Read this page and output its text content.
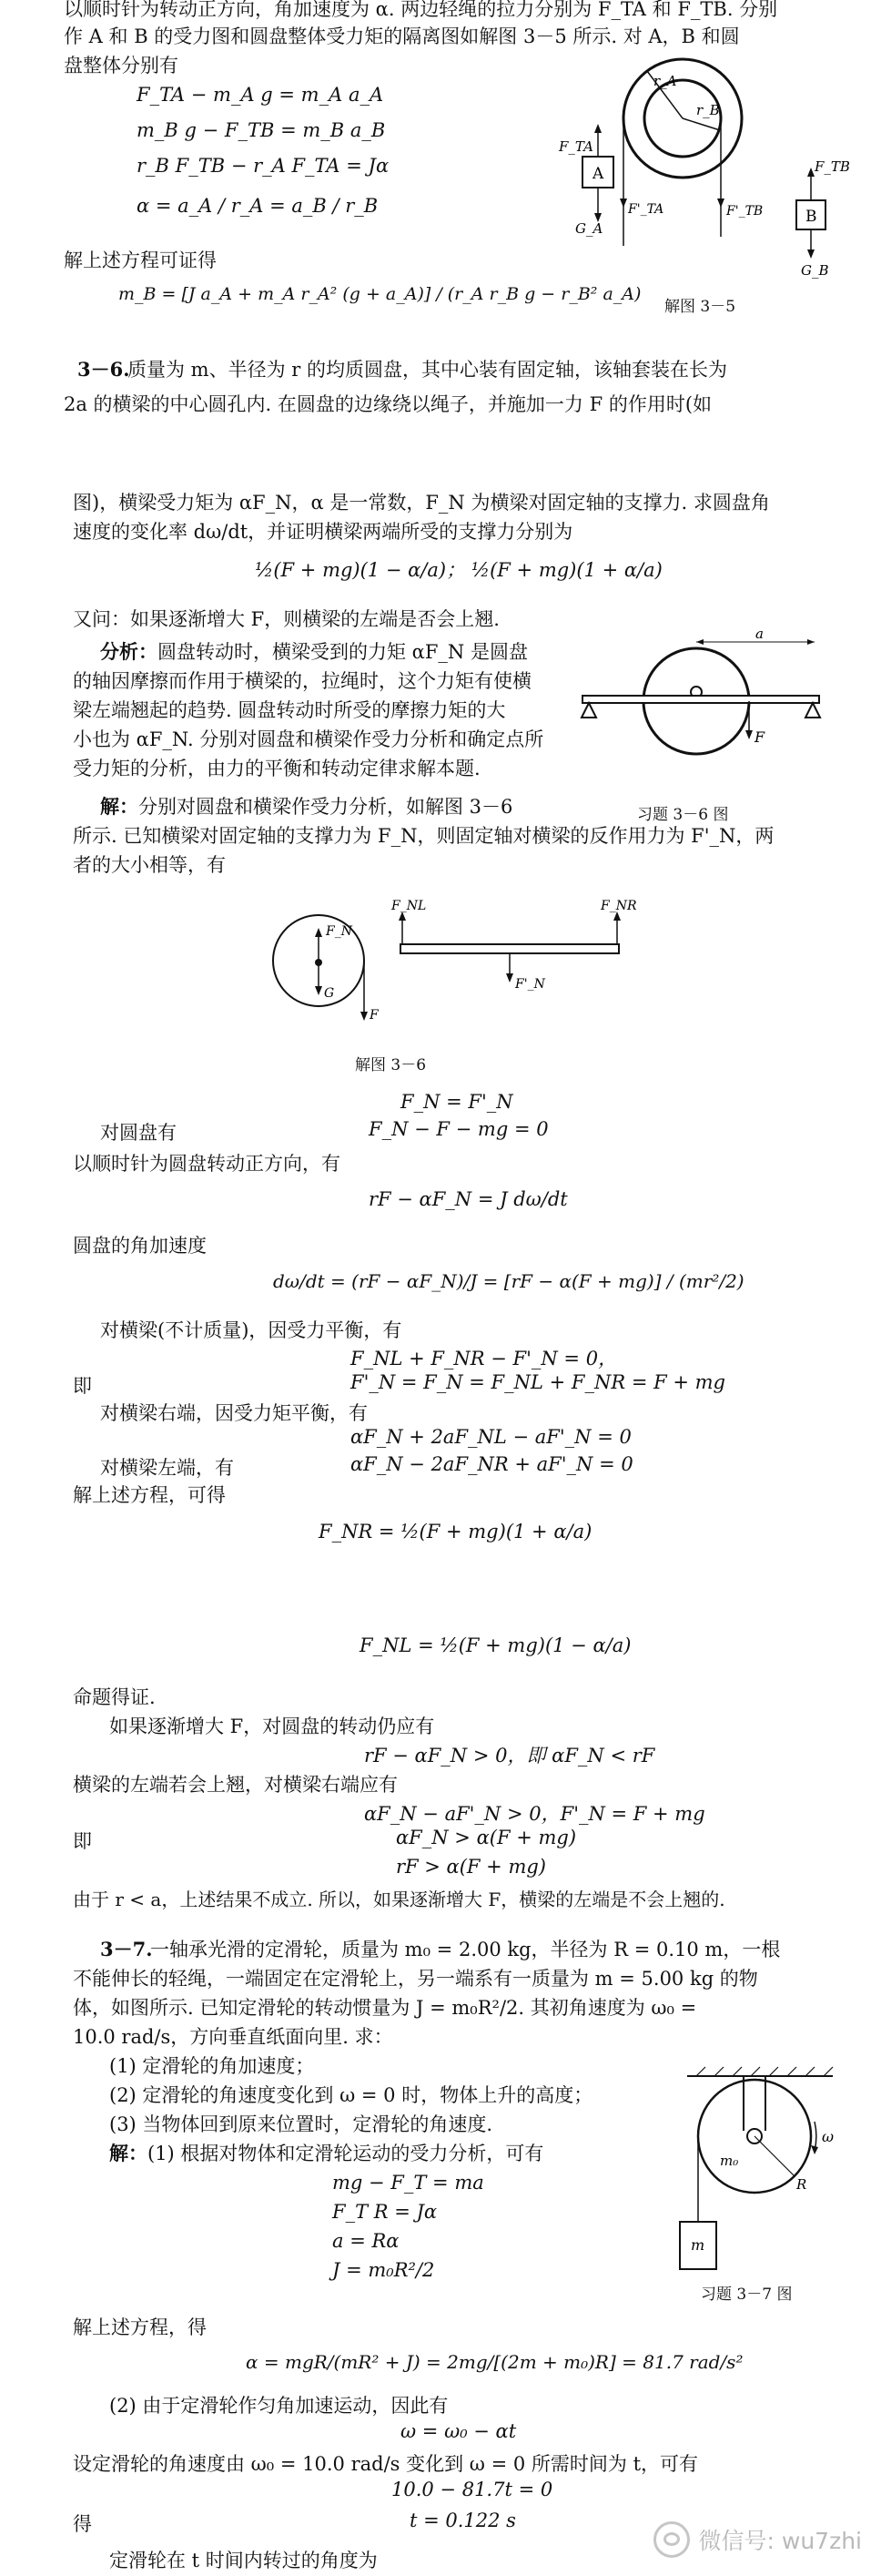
以顺时针为转动正方向，角加速度为 α. 两边轻绳的拉力分别为 F_TA 和 F_TB. 分别
作 A 和 B 的受力图和圆盘整体受力矩的隔离图如解图 3－5 所示. 对 A，B 和圆
盘整体分别有
F_TA − m_A g = m_A a_A
m_B g − F_TB = m_B a_B
r_B F_TB − r_A F_TA = Jα
α = a_A / r_A = a_B / r_B
解上述方程可证得
m_B = [J a_A + m_A r_A² (g + a_A)] / (r_A r_B g − r_B² a_A)
r_A
r_B
A
F_TA
G_A
F'_TA	F'_TB	B
F_TB
G_B
解图 3－5
3－6.
质量为 m、半径为 r 的均质圆盘，其中心装有固定轴，该轴套装在长为
2a 的横梁的中心圆孔内. 在圆盘的边缘绕以绳子，并施加一力 F 的作用时(如
图)，横梁受力矩为 αF_N，α 是一常数，F_N 为横梁对固定轴的支撑力. 求圆盘角
速度的变化率 dω/dt，并证明横梁两端所受的支撑力分别为
½(F + mg)(1 − α/a)； ½(F + mg)(1 + α/a)
又问：如果逐渐增大 F，则横梁的左端是否会上翘.
分析：圆盘转动时，横梁受到的力矩 αF_N 是圆盘
的轴因摩擦而作用于横梁的，拉绳时，这个力矩有使横
梁左端翘起的趋势. 圆盘转动时所受的摩擦力矩的大
小也为 αF_N. 分别对圆盘和横梁作受力分析和确定点所
受力矩的分析，由力的平衡和转动定律求解本题.
a
F
习题 3－6 图
解：分别对圆盘和横梁作受力分析，如解图 3－6
所示. 已知横梁对固定轴的支撑力为 F_N，则固定轴对横梁的反作用力为 F'_N，两
者的大小相等，有
F_N
G
F
F_NL	F_NR
F'_N
解图 3－6
F_N = F'_N
对圆盘有	F_N − F − mg = 0
以顺时针为圆盘转动正方向，有
rF − αF_N = J dω/dt
圆盘的角加速度
dω/dt = (rF − αF_N)/J = [rF − α(F + mg)] / (mr²/2)
对横梁(不计质量)，因受力平衡，有
F_NL + F_NR − F'_N = 0，
即	F'_N = F_N = F_NL + F_NR = F + mg
对横梁右端，因受力矩平衡，有
αF_N + 2aF_NL − aF'_N = 0
对横梁左端，有	αF_N − 2aF_NR + aF'_N = 0
解上述方程，可得
F_NR = ½(F + mg)(1 + α/a)
F_NL = ½(F + mg)(1 − α/a)
命题得证.
如果逐渐增大 F，对圆盘的转动仍应有
rF − αF_N > 0，即 αF_N < rF
横梁的左端若会上翘，对横梁右端应有
αF_N − aF'_N > 0，F'_N = F + mg
即	αF_N > α(F + mg)
rF > α(F + mg)
由于 r < a，上述结果不成立. 所以，如果逐渐增大 F，横梁的左端是不会上翘的.
3－7.
一轴承光滑的定滑轮，质量为 m₀ = 2.00 kg，半径为 R = 0.10 m，一根
不能伸长的轻绳，一端固定在定滑轮上，另一端系有一质量为 m = 5.00 kg 的物
体，如图所示. 已知定滑轮的转动惯量为 J = m₀R²/2. 其初角速度为 ω₀ =
10.0 rad/s，方向垂直纸面向里. 求：
(1) 定滑轮的角加速度；
(2) 定滑轮的角速度变化到 ω = 0 时，物体上升的高度；
(3) 当物体回到原来位置时，定滑轮的角速度.
解：(1) 根据对物体和定滑轮运动的受力分析，可有
mg − F_T = ma
F_T R = Jα
a = Rα
J = m₀R²/2
R
m₀
ω
m
习题 3－7 图
解上述方程，得
α = mgR/(mR² + J) = 2mg/[(2m + m₀)R] = 81.7 rad/s²
(2) 由于定滑轮作匀角加速运动，因此有
ω = ω₀ − αt
设定滑轮的角速度由 ω₀ = 10.0 rad/s 变化到 ω = 0 所需时间为 t，可有
10.0 − 81.7t = 0
得	t = 0.122 s
定滑轮在 t 时间内转过的角度为
微信号: wu7zhi
